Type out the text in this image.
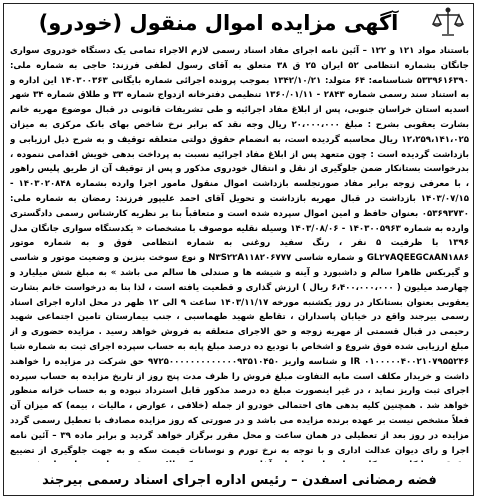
آگهی مزایده اموال منقول (خودرو)
باستناد مواد ۱۲۱ و ۱۲۲ – آئین نامه اجرای مفاد اسناد رسمی لازم الاجراء تمامی یک دستگاه خودروی سواری جانگان بشماره انتظامی ۵۲ ایران ۲۵ ق ۳۸ متعلق به آقای رسول لطفی فرزند: حاجی به شماره ملی: ۵۳۳۹۶۱۶۳۹۰ شناسنامه: ۶۴ متولد: ۱۳۴۲/۱۰/۲۱ بموجب پرونده اجرائی شماره بایگانی ۱۴۰۳۰۰۳۶۳ این اداره و به استناد سند رسمی شماره ۲۸۴۳ - ۱۳۶۰/۰۱/۱۱ تنظیمی دفترخانه ازدواج شماره ۳۳ و طلاق شماره ۳۴ شهر اسدیه استان خراسان جنوبی، پس از ابلاغ مفاد اجرائیه و طی تشریفات قانونی در قبال موضوع مهریه خانم بشارت یعقوبی بشرح : مبلغ ۲۰،۰۰۰،۰۰۰ ریال وجه نقد که برابر نرخ شاخص بهای بانک مرکزی به میزان ۱۲،۲۵۹،۱۴۱،۰۲۵ ریال محاسبه گردیده است، به انضمام حقوق دولتی متعلقه توقیف و به شرح ذیل ارزیابی و بازداشت گردیده است : چون متعهد پس از ابلاغ مفاد اجرائیه نسبت به پرداخت بدهی خویش اقدامی ننموده ، بدرخواست بستانکار ضمن جلوگیری از نقل و انتقال خودروی مذکور و پس از توقیف آن از طریق پلیس راهور ، با معرفی زوجه برابر مفاد صورتجلسه بازداشت اموال منقول مامور اجرا وارده بشماره ۱۴۰۳۰۲۰۸۴۸ - ۱۴۰۳/۰۷/۱۵ بازداشت در قبال مهریه بازداشت و تحویل آقای احمد علیپور فرزند: رمضان به شماره ملی: ۰۵۳۶۹۳۷۳۰ بعنوان حافظ و امین اموال سپرده شده است و متعاقباً بنا بر نظریه کارشناس رسمی دادگستری وارده به شماره ۱۴۰۳۰۰۵۹۶۳ - ۱۴۰۳/۰۸/۰۶ وسیله نقلیه موصوف با مشخصات « یکدستگاه سواری جانگان مدل ۱۳۹۶ با ظرفیت ۵ نفر ، رنگ سفید روغنی به شماره انتظامی فوق و به شماره موتور GL۲۷AQEEGC۸AN۱۸۸۶ و شماره شاسی N۳S۲۲A۱۱۸۲۰۶۷۷۷ و نوع سوخت بنزین و وضعیت موتور و شاسی و گیربکس ظاهرا سالم و داشبورد و آینه و شیشه ها و صندلی ها سالم می باشد » به مبلغ شش میلیارد و چهارصد میلیون ( ۶،۴۰۰،۰۰۰،۰۰۰ ریال ) ارزش گذاری و قطعیت یافته است ، لذا بنا به درخواست خانم بشارت یعقوبی بعنوان بستانکار در روز یکشنبه مورخه ۱۴۰۳/۱۱/۱۷ ساعت ۹ الی ۱۲ ظهر در محل اداره اجرای اسناد رسمی بیرجند واقع در خیابان پاسداران ، تقاطع شهید طهماسبی ، جنب بیمارستان تامین اجتماعی شهید رحیمی در قبال قسمتی از مهریه زوجه و حق الاجرای متعلقه به فروش خواهد رسید . مزایده حضوری و از مبلغ ارزیابی شده فوق شروع و اشخاص با تودیع ده درصد مبلغ پایه به حساب سپرده اجرای ثبت به شماره شبا ۰۱۰۰۰۰۰۴۰۰۲۱۰۷۹۵۵۲۴۶ IR و شناسه واریز ۹۷۲۵۰۰۰۰۰۰۰۰۰۰۰۰۰۹۳۵۱۰۴۵۰ حق شرکت در مزایده را خواهند داشت و خریدار مکلف است مابه التفاوت مبلغ فروش را ظرف مدت پنج روز از تاریخ مزایده به حساب سپرده اجرای ثبت واریز نماید ، در غیر اینصورت مبلغ ده درصد مذکور قابل استرداد نبوده و به حساب خزانه منظور خواهد شد . همچنین کلیه بدهی های احتمالی خودرو از جمله (خلافی ، عوارض ، مالیات ، بیمه) که میزان آن فعلاً مشخص نیست بر عهده برنده مزایده می باشد و در صورتی که روز مزایده مصادف با تعطیل رسمی گردد مزایده در روز بعد از تعطیلی در همان ساعت و محل مقرر برگزار خواهد گردید و برابر ماده ۳۹ – آئین نامه اجرا و رای دیوان عدالت اداری و با توجه به نرخ تورم و نوسانات قیمت سکه و به جهت جلوگیری از تضییع
فضه رمضانی اسفدن – رئیس اداره اجرای اسناد رسمی بیرجند
